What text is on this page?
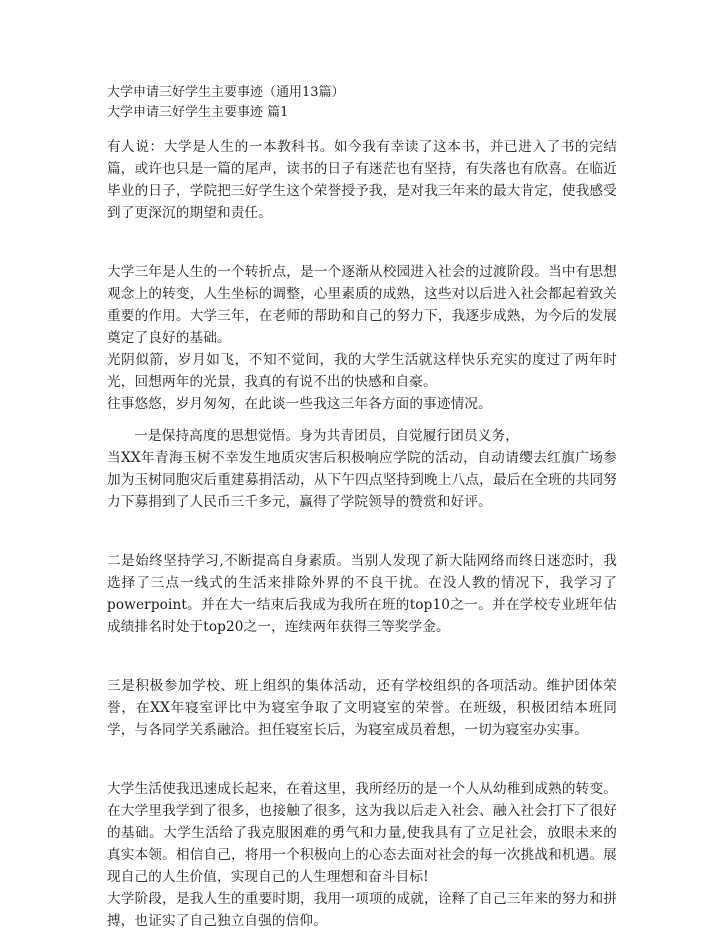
大学申请三好学生主要事迹（通用13篇）

大学申请三好学生主要事迹 篇1

有人说：大学是人生的一本教科书。如今我有幸读了这本书，并已进入了书的完结篇，或许也只是一篇的尾声，读书的日子有迷茫也有坚持，有失落也有欣喜。在临近毕业的日子，学院把三好学生这个荣誉授予我，是对我三年来的最大肯定，使我感受到了更深沉的期望和责任。

大学三年是人生的一个转折点，是一个逐渐从校园进入社会的过渡阶段。当中有思想观念上的转变，人生坐标的调整，心里素质的成熟，这些对以后进入社会都起着致关重要的作用。大学三年，在老师的帮助和自己的努力下，我逐步成熟，为今后的发展奠定了良好的基础。

光阴似箭，岁月如飞，不知不觉间，我的大学生活就这样快乐充实的度过了两年时光，回想两年的光景，我真的有说不出的快感和自豪。

往事悠悠，岁月匆匆，在此谈一些我这三年各方面的事迹情况。

一是保持高度的思想觉悟。身为共青团员，自觉履行团员义务，

当XX年青海玉树不幸发生地质灾害后积极响应学院的活动，自动请缨去红旗广场参加为玉树同胞灾后重建募捐活动，从下午四点坚持到晚上八点，最后在全班的共同努力下募捐到了人民币三千多元，赢得了学院领导的赞赏和好评。

二是始终坚持学习,不断提高自身素质。当别人发现了新大陆网络而终日迷恋时，我选择了三点一线式的生活来排除外界的不良干扰。在没人教的情况下，我学习了powerpoint。并在大一结束后我成为我所在班的top10之一。并在学校专业班年估成绩排名时处于top20之一，连续两年获得三等奖学金。

三是积极参加学校、班上组织的集体活动，还有学校组织的各项活动。维护团体荣誉，在XX年寝室评比中为寝室争取了文明寝室的荣誉。在班级，积极团结本班同学，与各同学关系融洽。担任寝室长后，为寝室成员着想，一切为寝室办实事。

大学生活使我迅速成长起来，在着这里，我所经历的是一个人从幼稚到成熟的转变。在大学里我学到了很多，也接触了很多，这为我以后走入社会、融入社会打下了很好的基础。大学生活给了我克服困难的勇气和力量,使我具有了立足社会，放眼未来的真实本领。相信自己，将用一个积极向上的心态去面对社会的每一次挑战和机遇。展现自己的人生价值，实现自己的人生理想和奋斗目标!

大学阶段，是我人生的重要时期，我用一项项的成就，诠释了自己三年来的努力和拼搏，也证实了自己独立自强的信仰。
